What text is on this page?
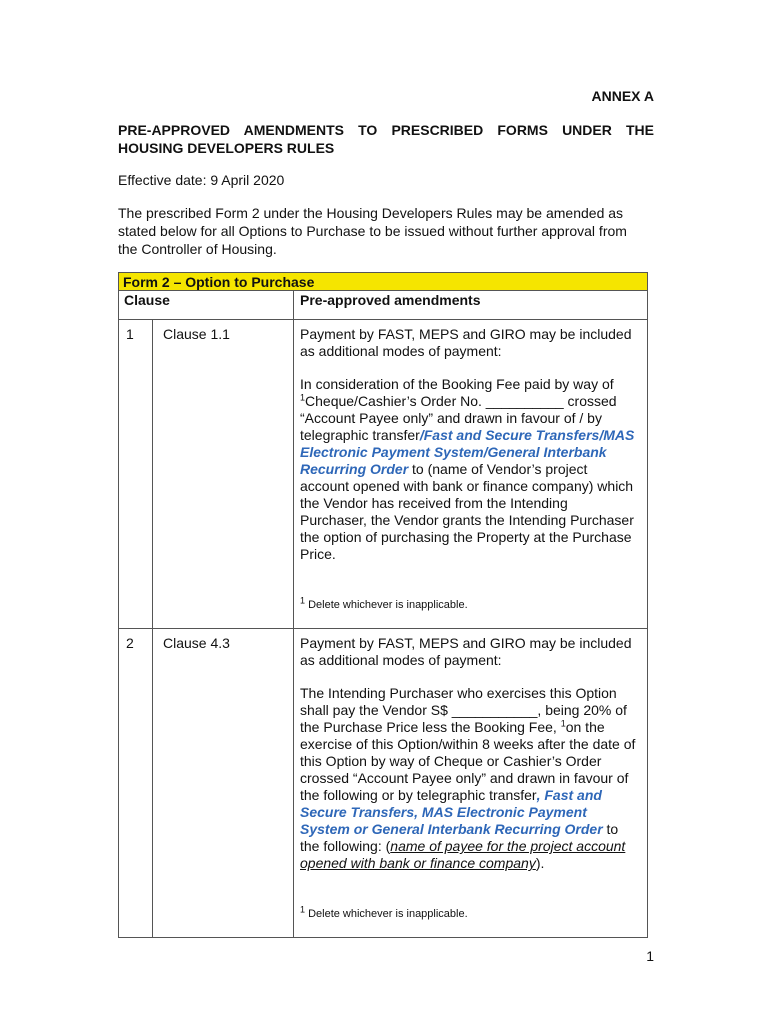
ANNEX A
PRE-APPROVED AMENDMENTS TO PRESCRIBED FORMS UNDER THE
HOUSING DEVELOPERS RULES
Effective date: 9 April 2020
The prescribed Form 2 under the Housing Developers Rules may be amended as stated below for all Options to Purchase to be issued without further approval from the Controller of Housing.
Form 2 – Option to Purchase		
Clause		Pre-approved amendments
1	Clause 1.1	Payment by FAST, MEPS and GIRO may be included as additional modes of payment:

In consideration of the Booking Fee paid by way of $^1$Cheque/Cashier’s Order No. __________ crossed “Account Payee only” and drawn in favour of / by telegraphic transfer/Fast and Secure Transfers/MAS Electronic Payment System/General Interbank Recurring Order to (name of Vendor’s project account opened with bank or finance company) which the Vendor has received from the Intending Purchaser, the Vendor grants the Intending Purchaser the option of purchasing the Property at the Purchase Price.

$^1$ Delete whichever is inapplicable.

2	Clause 4.3	Payment by FAST, MEPS and GIRO may be included as additional modes of payment:

The Intending Purchaser who exercises this Option shall pay the Vendor S$ ___________, being 20% of the Purchase Price less the Booking Fee, $^1$on the exercise of this Option/within 8 weeks after the date of this Option by way of Cheque or Cashier’s Order crossed “Account Payee only” and drawn in favour of the following or by telegraphic transfer, Fast and Secure Transfers, MAS Electronic Payment System or General Interbank Recurring Order to the following: (name of payee for the project account opened with bank or finance company).

$^1$ Delete whichever is inapplicable.

1
